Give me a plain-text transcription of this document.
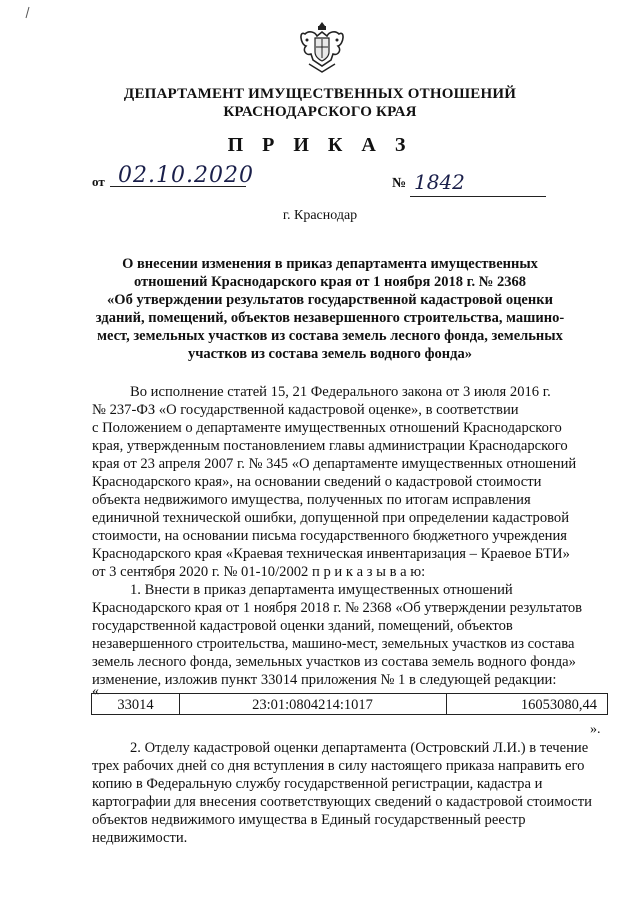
ДЕПАРТАМЕНТ ИМУЩЕСТВЕННЫХ ОТНОШЕНИЙ
КРАСНОДАРСКОГО КРАЯ
П Р И К А З
от 02.10.2020	№ 1842
г. Краснодар
О внесении изменения в приказ департамента имущественных
отношений Краснодарского края от 1 ноября 2018 г. № 2368
«Об утверждении результатов государственной кадастровой оценки
зданий, помещений, объектов незавершенного строительства, машино-
мест, земельных участков из состава земель лесного фонда, земельных
участков из состава земель водного фонда»
Во исполнение статей 15, 21 Федерального закона от 3 июля 2016 г.
№ 237-ФЗ «О государственной кадастровой оценке», в соответствии
с Положением о департаменте имущественных отношений Краснодарского
края, утвержденным постановлением главы администрации Краснодарского
края от 23 апреля 2007 г. № 345 «О департаменте имущественных отношений
Краснодарского края», на основании сведений о кадастровой стоимости
объекта недвижимого имущества, полученных по итогам исправления
единичной технической ошибки, допущенной при определении кадастровой
стоимости, на основании письма государственного бюджетного учреждения
Краснодарского края «Краевая техническая инвентаризация – Краевое БТИ»
от 3 сентября 2020 г. № 01-10/2002 п р и к а з ы в а ю:
1. Внести в приказ департамента имущественных отношений
Краснодарского края от 1 ноября 2018 г. № 2368 «Об утверждении результатов
государственной кадастровой оценки зданий, помещений, объектов
незавершенного строительства, машино-мест, земельных участков из состава
земель лесного фонда, земельных участков из состава земель водного фонда»
изменение, изложив пункт 33014 приложения № 1 в следующей редакции:
«
33014	23:01:0804214:1017	16053080,44
».
2. Отделу кадастровой оценки департамента (Островский Л.И.) в течение
трех рабочих дней со дня вступления в силу настоящего приказа направить его
копию в Федеральную службу государственной регистрации, кадастра и
картографии для внесения соответствующих сведений о кадастровой стоимости
объектов недвижимого имущества в Единый государственный реестр
недвижимости.
